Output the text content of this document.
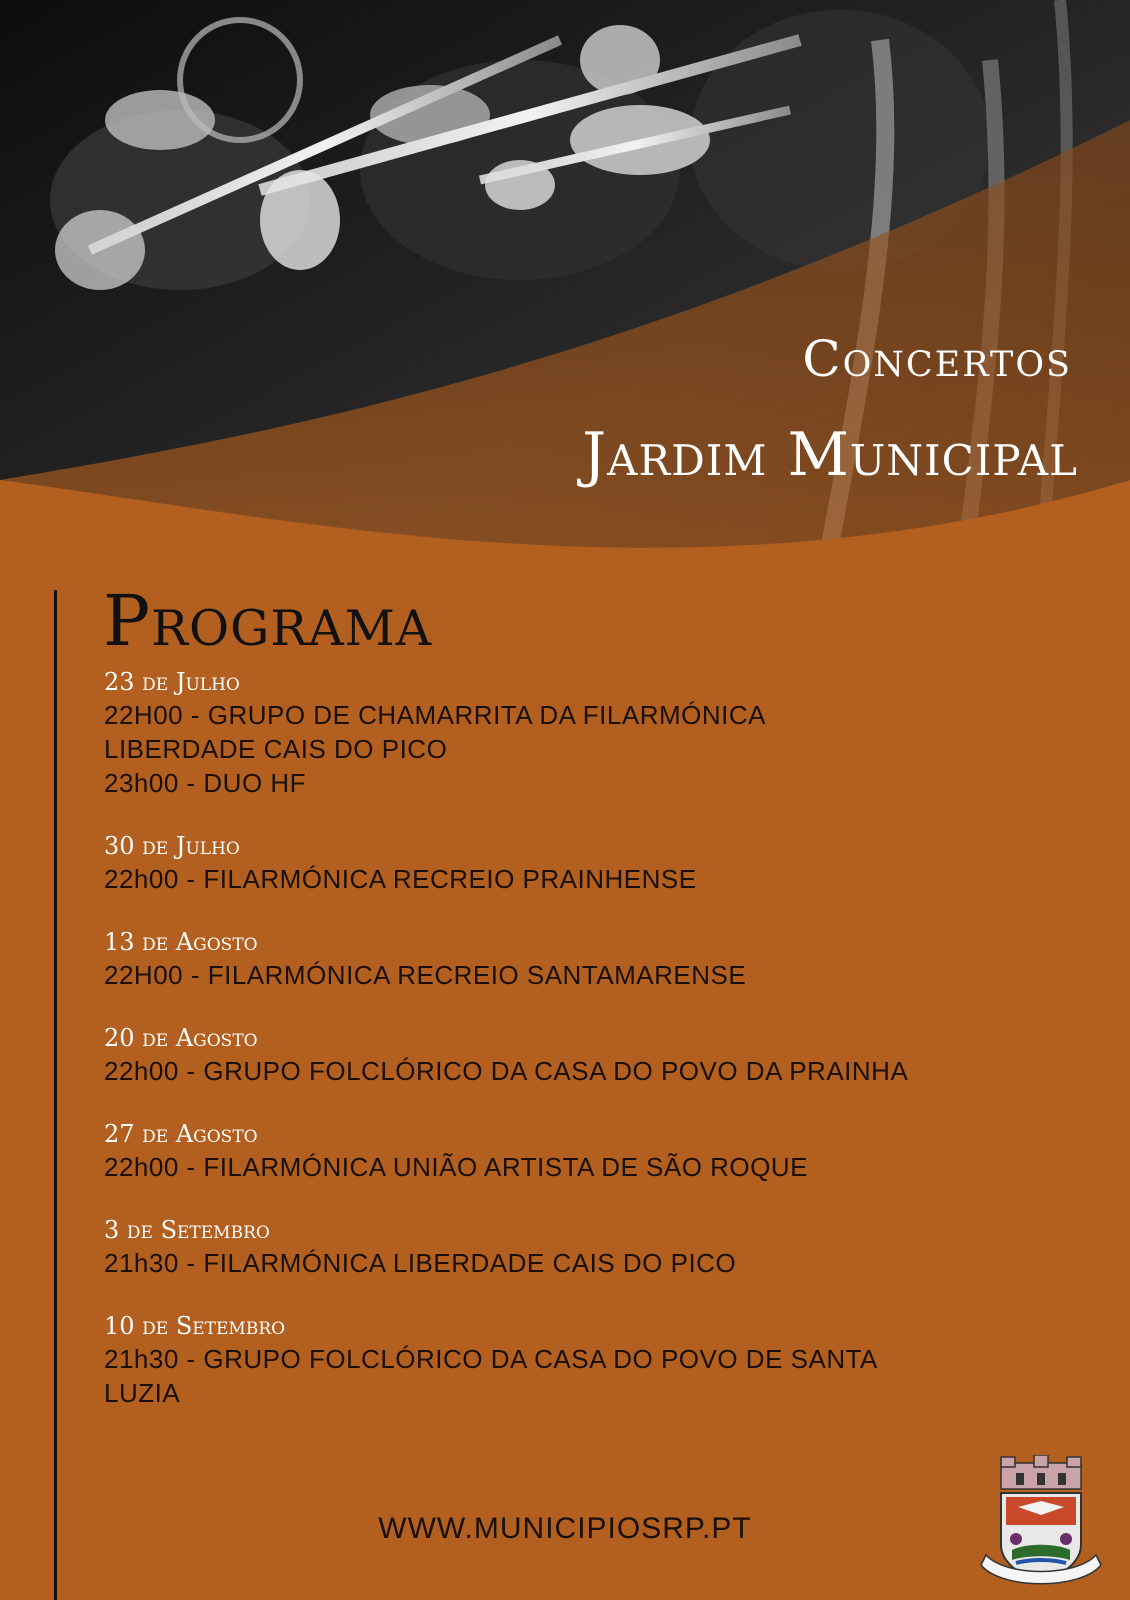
Concertos
Jardim Municipal
Programa
23 de Julho
22H00 - GRUPO DE CHAMARRITA DA FILARMÓNICA
LIBERDADE CAIS DO PICO
23h00 - DUO HF
30 de Julho
22h00 - FILARMÓNICA RECREIO PRAINHENSE
13 de Agosto
22H00 - FILARMÓNICA RECREIO SANTAMARENSE
20 de Agosto
22h00 - GRUPO FOLCLÓRICO DA CASA DO POVO DA PRAINHA
27 de Agosto
22h00 - FILARMÓNICA UNIÃO ARTISTA DE SÃO ROQUE
3 de Setembro
21h30 - FILARMÓNICA LIBERDADE CAIS DO PICO
10 de Setembro
21h30 - GRUPO FOLCLÓRICO DA CASA DO POVO DE SANTA
LUZIA
WWW.MUNICIPIOSRP.PT
